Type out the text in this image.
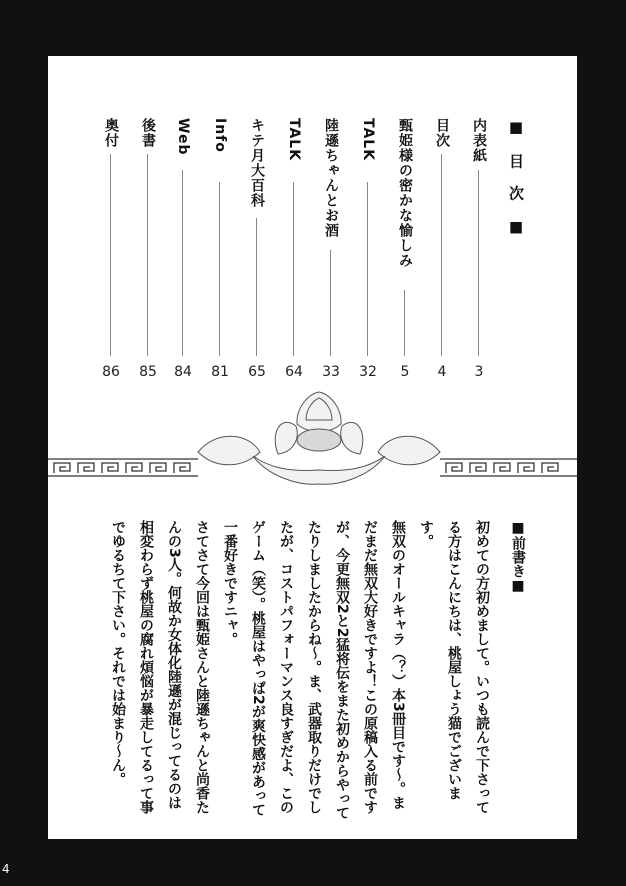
■ 目 次 ■
内表紙
3
目次
4
甄姫様の密かな愉しみ
5
TALK
32
陸遜ちゃんとお酒
33
TALK
64
キテ月大百科
65
Info
81
Web
84
後書
85
奥付
86
■前書き■

初めての方初めまして。いつも読んで下さってる方はこんにちは、桃屋しょう猫でございます。

無双のオールキャラ（？）本3冊目です〜。まだまだ無双大好きですよ！この原稿入る前ですが、今更無双2と2猛将伝をまた初めからやってたりしましたからね〜。ま、武器取りだけでしたが、コストパフォーマンス良すぎだよ、このゲーム（笑）。桃屋はやっぱ2が爽快感があって一番好きですニャ。

さてさて今回は甄姫さんと陸遜ちゃんと尚香たんの3人。何故か女体化陸遜が混じってるのは相変わらず桃屋の腐れ煩悩が暴走してるって事でゆるちて下さい。それでは始まり〜ん。

4
